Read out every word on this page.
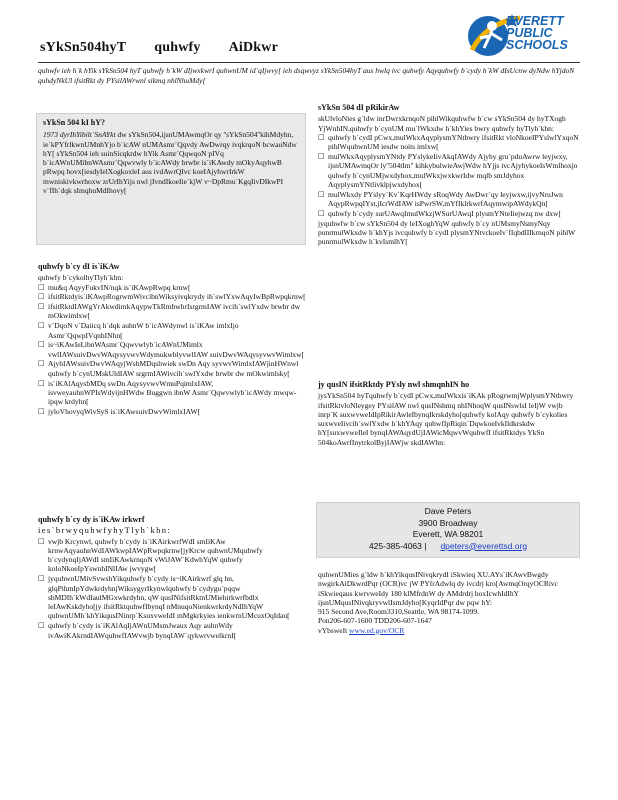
sYkSn504hyT quhwfy AiDkwr
EVERETT
PUBLIC
SCHOOLS
quhwfv ieh h`k hYik sYkSn504 hyT quhwfy h`kW dIjwxkwrI quhwnUM id`qIjwvy[ ieh dsqwvyz sYkSn504hyT aus hwlq ivc quhwfy Aqyquhwfy b`cydy h`kW dIsUcnw dyNdw hYjdoN quhdyNkUl ifsitRkt dy PYsilAWrwnl sikmq nhlNhuMdy[
sYkSn 504 kI hY?
1973 dyrIhYibilt`SnAYkt dw sYkSn504,ijsnUMAwmqOr qy ''sYkSn504''kihMdyhn, ie`kPYfrlkwnUMnhYjo b`icAW nUMAsmr`Qqvdy AwDwrqy ivqkrqoN bcwauNdw hY[ sYkSn504 ieh suinSicqkrdw hYik Asmr`QqwqoN pIVq b`icAWnUMibnWAsmr`Qqwvwly b`icAWdy brwbr is`iKAwdy mOkyAqyhwB pRwpq hovx[iesdyIelXogkoxleI aus ivdAwrQIvc koeIAjyhwrIrkW mwniskivkwrhoxw zrUrIhYijs nwl jIvndIkoeIie`kjW v~DpRmu`KgqIivDIkwPI v`fIh`dqk sImqhuMdIhovy[
quhwfy b`cy dI is`iKAw
quhwfy b`cykolhyTlyh`khn:
□ mu&q AqyyFukvIN/nqk is`iKAwpRwpq krnw[
□ ifsitRktdyis`iKAwpRogrwmWivcibnWiksyivqkrydy ih`swlYxwAqyIwBpRwpqkrnw[
□ ifsitRktdIAWgYrAkwdimkAqypwTkRmbwhrIsrgrmIAW ivcih`swlYxdw brwbr dw mOkwimlxw[
□ v`DqoN v`Daiicq h`dqk auhnW b`icAWdynwl is`iKAw imlxIjo Asmr`QqwpIVqnhINhn[
□ is~iKAwIeI,ibnWAsmr`Qqwvwlyb`icAWnUMimlx vwlIAWsuivDwvWAqysyvwvWdymukwblyvwlIAW suivDwvWAqysyvwvWimlxw[
□ AjyhIAWsuivDwvWAqyjWsbMDqshwiek swDn Aqy syvwvWimlxIAWjinHWnwl quhwfy b`cynUMskUldIAW srgrmIAWivcih`swlYxdw brwbr dw mOkwimlsky[
□ is`iKAlAqysbMDq swDn AqysyvwvWmuPqimlxIAW, isvweyauhnWPIsWdyijnHWdw Buggwn ibnW Asmr`Qqwvwlyb`icAWdy mwqw-ipqw krdyhn[
□ jyloVhovyqWivSyS is`iKAwsuivDwvWimlxIAW[
quhwfy b`cy dy is`iKAw irkwrf
ies`brwyquhwfyhyTlyh`khn:
□ vwjb Krcynwl, quhwfy b`cydy is`iKAirkwrfWdI smIiKAw krnwAqyauhnWdIAWkwpIAWpRwpqkrnw[jyKrcw quhwnUMquhwfy b`cydynqIjAWdI smIiKAwkrnqoN vWiJAW`KdwhYqW quhwfy koloNkoeIpYswnhINlIAw jwvygw[
□ jyquhwnUMivSvwshYikquhwfy b`cydy is~iKAirkwrf glq hn, glqPihmIpYdwkrdyhnjWiksygyrIkynwlquhwfy b`cydygu`pqqw sbMDIh`kWdIaulMGxwkrdyhn, qW qusINifsitRktnUMiehirkwrfbdlx leIAwKskdyho[jy ifsitRktquhwfIbynqI nMnuqoNienkwrkrdyNdIhYqW quhwnUMh`khYikqusINinrp`KsuxvweIdI mMgkrkyies ienkwrnUMcuxOqIdau[
□ quhwfy b`cydy is`iKAlAqIjAWnUMsmJwaux Aqy auhnWdy ivAwiKAkrndIAWquhwfIAWvwjb bynqIAW`qykwrvwelkrnI[
sYkSn 504 dI pRikirAw
skUlvloNies g`ldw inrDwrxkrnqoN pihlWikquhwfw b`cw sYkSn504 dy hyTXogh YjWnhIN,quhwfy b`cynUM mu`lWkxdw h`khYies bwry quhwfy hyTlyh`khn:
□ quhwfy b`cydI pCwx,mulWkxAqyplysmYNtbwry ifsitRkt vloNkoeIPYslwlYxqoN pihlWquhwnUM iesdw noits imlxw[
□ mulWkxAqyplysmYNtdy PYslykeIivAkqIAWdy Ajyhy gru`pduAwrw leyjwxy, ijsnUMAwmqOr ly''504tIm'' kihkybulwieAwjWdw hYjjs ivcAjyhykoeIsWmlhoxjo quhwfy b`cynUMjwxdyhox,mulWkxjwxkwrIdw mqlb smJdyhox AqyplysmYNtlivklpjwxdyhox[
□ mulWkxdy PYslyy`Kv`KqrHWdy sRoqWdy AwDwr`qy leyjwxw,ijvyNruJwn AqypRwpqIYst,jIcrWdIAW isPwrSW,mYfIklrkwrfAqymwipAWdykQn[
□ quhwfy b`cydy surUAwqImulWkzjWSurUAwqI plysmYNteIiejwzq nw dxw[
jyquhwfw b`cw sYkSn504 dy leIXoghYqW quhwfy b`cy nUMsmyNsmyNqy punrmulWkxdw h`khYjs ivcquhwfy b`cydI plysmYNtvckoeIv`fIqbdlIIkrnqoN pihlW punrmulWkxdw h`kvIsmlhY[
jy qusIN ifsitRktdy PYsly nwl shmqnhIN ho
jysYkSn504 hyTquhwfy b`cydI pCwx,mulWkxis`iKAk pRogrwmjWplysmYNtbwry ifsitRktvloNleygey PYsilAW nwl qusINshmq nhINhoqW qusINswlsI leIjW vwjb inrp`K suxwvweIdIpRikirAwleIbynqIkrskdyho[quhwfy kolAqy quhwfy b`cykolies suxwveIivcih`swlYxdw h`khYAqy quhwfIpRiqin`DqwkoeIvkIldkrskdw hY[suxwvweIleI bynqIAWAqydUjIAWicMqwvWquhwfI ifsitRktdys YkSn 504koAwrfInytrkolByjIAWjw skdIAWhn:
Dave Peters
3900 Broadway
Everett, WA 98201
425-385-4063 | dpeters@everettsd.org
quhwnUMies g`ldw h`khYikqusINivqkrydI iSkwieq XU.AYs`iKAwvBwgdy nwgirkAiDkwrdPqr (OCR)vc jW PYfrAdwlq dy ivcdrj kro[AwmqOrqyOCRivc iSkwieqaus kwrvweIdy 180 klMfrdnW dy AMdrdrj hoxIcwhIdIhY ijsnUMqusINivqkryvwlIsmJdyho[KyqrIdPqr dw pqw hY:
915 Second Ave,Room3310,Seattle, WA 98174-1099.
Pon206-607-1600 TDD206-607-1647
vYbsweIt www.ed.gov/OCR
